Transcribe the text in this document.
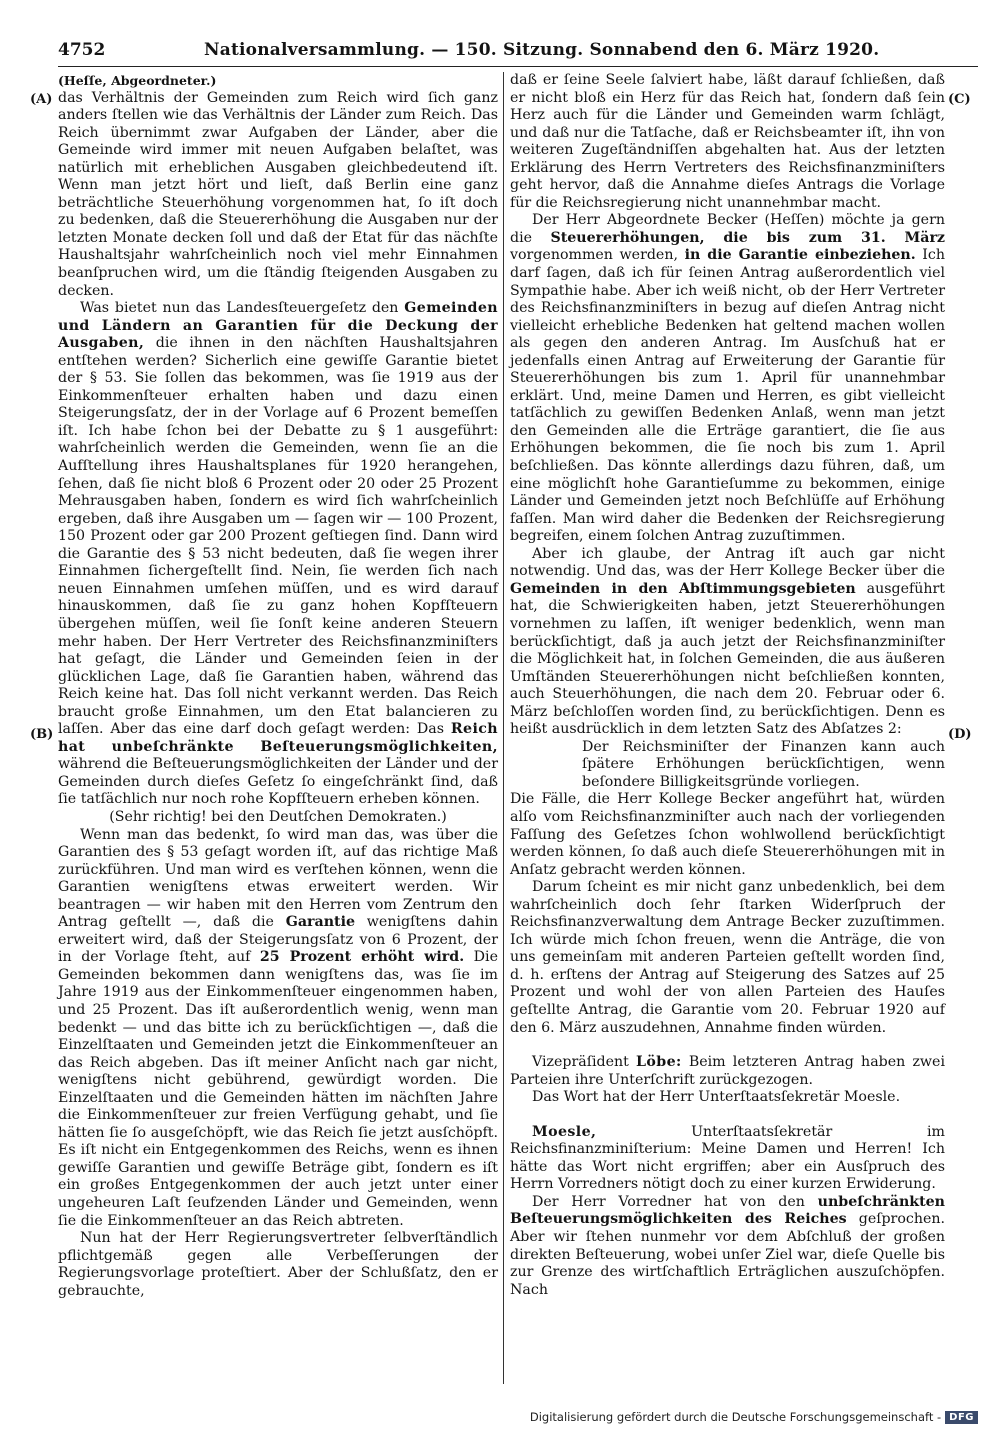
4752	Nationalversammlung. — 150. Sitzung. Sonnabend den 6. März 1920.
(A)
(B)
(C)
(D)

(Heſſe, Abgeordneter.)

das Verhältnis der Gemeinden zum Reich wird ſich ganz anders ſtellen wie das Verhältnis der Länder zum Reich. Das Reich übernimmt zwar Aufgaben der Länder, aber die Gemeinde wird immer mit neuen Aufgaben belaſtet, was natürlich mit erheblichen Ausgaben gleichbedeutend iſt. Wenn man jetzt hört und lieſt, daß Berlin eine ganz beträchtliche Steuerhöhung vorgenommen hat, ſo iſt doch zu bedenken, daß die Steuererhöhung die Ausgaben nur der letzten Monate decken ſoll und daß der Etat für das nächſte Haushaltsjahr wahrſcheinlich noch viel mehr Einnahmen beanſpruchen wird, um die ſtändig ſteigenden Ausgaben zu decken.

Was bietet nun das Landesſteuergeſetz den Gemeinden und Ländern an Garantien für die Deckung der Ausgaben, die ihnen in den nächſten Haushaltsjahren entſtehen werden? Sicherlich eine gewiſſe Garantie bietet der § 53. Sie ſollen das bekommen, was ſie 1919 aus der Einkommenſteuer erhalten haben und dazu einen Steigerungsſatz, der in der Vorlage auf 6 Prozent bemeſſen iſt. Ich habe ſchon bei der Debatte zu § 1 ausgeführt: wahrſcheinlich werden die Gemeinden, wenn ſie an die Aufſtellung ihres Haushaltsplanes für 1920 herangehen, ſehen, daß ſie nicht bloß 6 Prozent oder 20 oder 25 Prozent Mehrausgaben haben, ſondern es wird ſich wahrſcheinlich ergeben, daß ihre Ausgaben um — ſagen wir — 100 Prozent, 150 Prozent oder gar 200 Prozent geſtiegen ſind. Dann wird die Garantie des § 53 nicht bedeuten, daß ſie wegen ihrer Einnahmen ſichergeſtellt ſind. Nein, ſie werden ſich nach neuen Einnahmen umſehen müſſen, und es wird darauf hinauskommen, daß ſie zu ganz hohen Kopfſteuern übergehen müſſen, weil ſie ſonſt keine anderen Steuern mehr haben. Der Herr Vertreter des Reichsfinanzminiſters hat geſagt, die Länder und Gemeinden ſeien in der glücklichen Lage, daß ſie Garantien haben, während das Reich keine hat. Das ſoll nicht verkannt werden. Das Reich braucht große Einnahmen, um den Etat balancieren zu laſſen. Aber das eine darf doch geſagt werden: Das Reich hat unbeſchränkte Beſteuerungsmöglichkeiten, während die Beſteuerungsmöglichkeiten der Länder und der Gemeinden durch dieſes Geſetz ſo eingeſchränkt ſind, daß ſie tatſächlich nur noch rohe Kopfſteuern erheben können.

(Sehr richtig! bei den Deutſchen Demokraten.)

Wenn man das bedenkt, ſo wird man das, was über die Garantien des § 53 geſagt worden iſt, auf das richtige Maß zurückführen. Und man wird es verſtehen können, wenn die Garantien wenigſtens etwas erweitert werden. Wir beantragen — wir haben mit den Herren vom Zentrum den Antrag geſtellt —, daß die Garantie wenigſtens dahin erweitert wird, daß der Steigerungsſatz von 6 Prozent, der in der Vorlage ſteht, auf 25 Prozent erhöht wird. Die Gemeinden bekommen dann wenigſtens das, was ſie im Jahre 1919 aus der Einkommenſteuer eingenommen haben, und 25 Prozent. Das iſt außerordentlich wenig, wenn man bedenkt — und das bitte ich zu berückſichtigen —, daß die Einzelſtaaten und Gemeinden jetzt die Einkommenſteuer an das Reich abgeben. Das iſt meiner Anſicht nach gar nicht, wenigſtens nicht gebührend, gewürdigt worden. Die Einzelſtaaten und die Gemeinden hätten im nächſten Jahre die Einkommenſteuer zur freien Verfügung gehabt, und ſie hätten ſie ſo ausgeſchöpft, wie das Reich ſie jetzt ausſchöpft. Es iſt nicht ein Entgegenkommen des Reichs, wenn es ihnen gewiſſe Garantien und gewiſſe Beträge gibt, ſondern es iſt ein großes Entgegenkommen der auch jetzt unter einer ungeheuren Laſt ſeufzenden Länder und Gemeinden, wenn ſie die Einkommenſteuer an das Reich abtreten.

Nun hat der Herr Regierungsvertreter ſelbverſtändlich pflichtgemäß gegen alle Verbeſſerungen der Regierungsvorlage proteſtiert. Aber der Schlußſatz, den er gebrauchte,

daß er ſeine Seele ſalviert habe, läßt darauf ſchließen, daß er nicht bloß ein Herz für das Reich hat, ſondern daß ſein Herz auch für die Länder und Gemeinden warm ſchlägt, und daß nur die Tatſache, daß er Reichsbeamter iſt, ihn von weiteren Zugeſtändniſſen abgehalten hat. Aus der letzten Erklärung des Herrn Vertreters des Reichsfinanzminiſters geht hervor, daß die Annahme dieſes Antrags die Vorlage für die Reichsregierung nicht unannehmbar macht.

Der Herr Abgeordnete Becker (Heſſen) möchte ja gern die Steuererhöhungen, die bis zum 31. März vorgenommen werden, in die Garantie einbeziehen. Ich darf ſagen, daß ich für ſeinen Antrag außerordentlich viel Sympathie habe. Aber ich weiß nicht, ob der Herr Vertreter des Reichsfinanzminiſters in bezug auf dieſen Antrag nicht vielleicht erhebliche Bedenken hat geltend machen wollen als gegen den anderen Antrag. Im Ausſchuß hat er jedenfalls einen Antrag auf Erweiterung der Garantie für Steuererhöhungen bis zum 1. April für unannehmbar erklärt. Und, meine Damen und Herren, es gibt vielleicht tatſächlich zu gewiſſen Bedenken Anlaß, wenn man jetzt den Gemeinden alle die Erträge garantiert, die ſie aus Erhöhungen bekommen, die ſie noch bis zum 1. April beſchließen. Das könnte allerdings dazu führen, daß, um eine möglichſt hohe Garantieſumme zu bekommen, einige Länder und Gemeinden jetzt noch Beſchlüſſe auf Erhöhung faſſen. Man wird daher die Bedenken der Reichsregierung begreifen, einem ſolchen Antrag zuzuſtimmen.

Aber ich glaube, der Antrag iſt auch gar nicht notwendig. Und das, was der Herr Kollege Becker über die Gemeinden in den Abſtimmungsgebieten ausgeführt hat, die Schwierigkeiten haben, jetzt Steuererhöhungen vornehmen zu laſſen, iſt weniger bedenklich, wenn man berückſichtigt, daß ja auch jetzt der Reichsfinanzminiſter die Möglichkeit hat, in ſolchen Gemeinden, die aus äußeren Umſtänden Steuererhöhungen nicht beſchließen konnten, auch Steuerhöhungen, die nach dem 20. Februar oder 6. März beſchloſſen worden ſind, zu berückſichtigen. Denn es heißt ausdrücklich in dem letzten Satz des Abſatzes 2:

Der Reichsminiſter der Finanzen kann auch ſpätere Erhöhungen berückſichtigen, wenn beſondere Billigkeitsgründe vorliegen.

Die Fälle, die Herr Kollege Becker angeführt hat, würden alſo vom Reichsfinanzminiſter auch nach der vorliegenden Faſſung des Geſetzes ſchon wohlwollend berückſichtigt werden können, ſo daß auch dieſe Steuererhöhungen mit in Anſatz gebracht werden können.

Darum ſcheint es mir nicht ganz unbedenklich, bei dem wahrſcheinlich doch ſehr ſtarken Widerſpruch der Reichsfinanzverwaltung dem Antrage Becker zuzuſtimmen. Ich würde mich ſchon freuen, wenn die Anträge, die von uns gemeinſam mit anderen Parteien geſtellt worden ſind, d. h. erſtens der Antrag auf Steigerung des Satzes auf 25 Prozent und wohl der von allen Parteien des Hauſes geſtellte Antrag, die Garantie vom 20. Februar 1920 auf den 6. März auszudehnen, Annahme finden würden.

Vizepräſident Löbe: Beim letzteren Antrag haben zwei Parteien ihre Unterſchrift zurückgezogen.

Das Wort hat der Herr Unterſtaatsſekretär Moesle.

Moesle,	Unterſtaatsſekretär im Reichsfinanzminiſterium: Meine Damen und Herren! Ich hätte das Wort nicht ergriffen; aber ein Ausſpruch des Herrn Vorredners nötigt doch zu einer kurzen Erwiderung.

Der Herr Vorredner hat von den unbeſchränkten Beſteuerungsmöglichkeiten des Reiches geſprochen. Aber wir ſtehen nunmehr vor dem Abſchluß der großen direkten Beſteuerung, wobei unſer Ziel war, dieſe Quelle bis zur Grenze des wirtſchaftlich Erträglichen auszuſchöpfen. Nach

Digitalisierung gefördert durch die Deutsche Forschungsgemeinschaft - DFG
